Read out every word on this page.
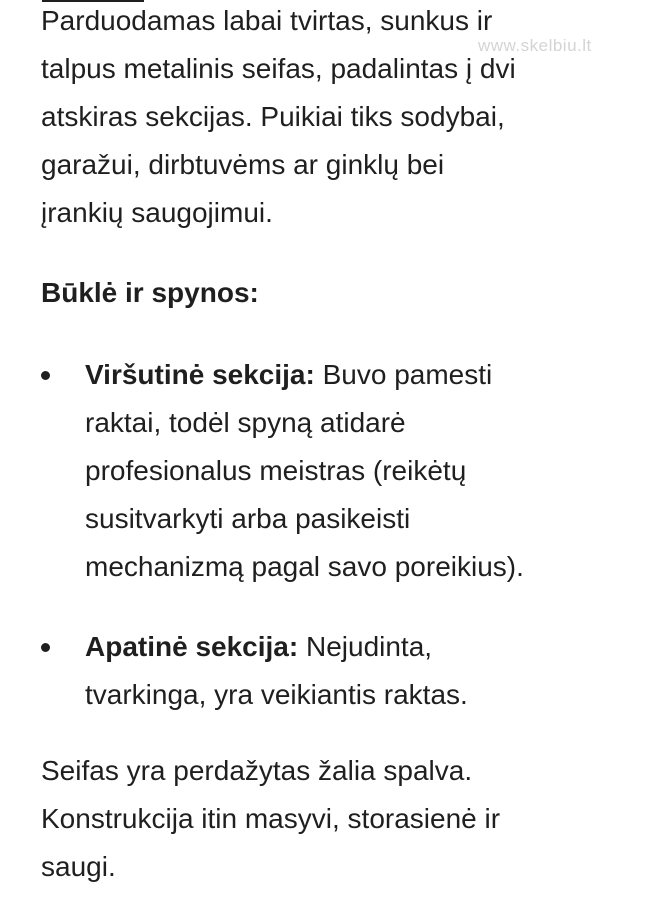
www.skelbiu.lt

Parduodamas labai tvirtas, sunkus ir
talpus metalinis seifas, padalintas į dvi
atskiras sekcijas. Puikiai tiks sodybai,
garažui, dirbtuvėms ar ginklų bei
įrankių saugojimui.

Būklė ir spynos:
Viršutinė sekcija: Buvo pamesti
raktai, todėl spyną atidarė
profesionalus meistras (reikėtų
susitvarkyti arba pasikeisti
mechanizmą pagal savo poreikius).
Apatinė sekcija: Nejudinta,
tvarkinga, yra veikiantis raktas.

Seifas yra perdažytas žalia spalva.
Konstrukcija itin masyvi, storasienė ir
saugi.
